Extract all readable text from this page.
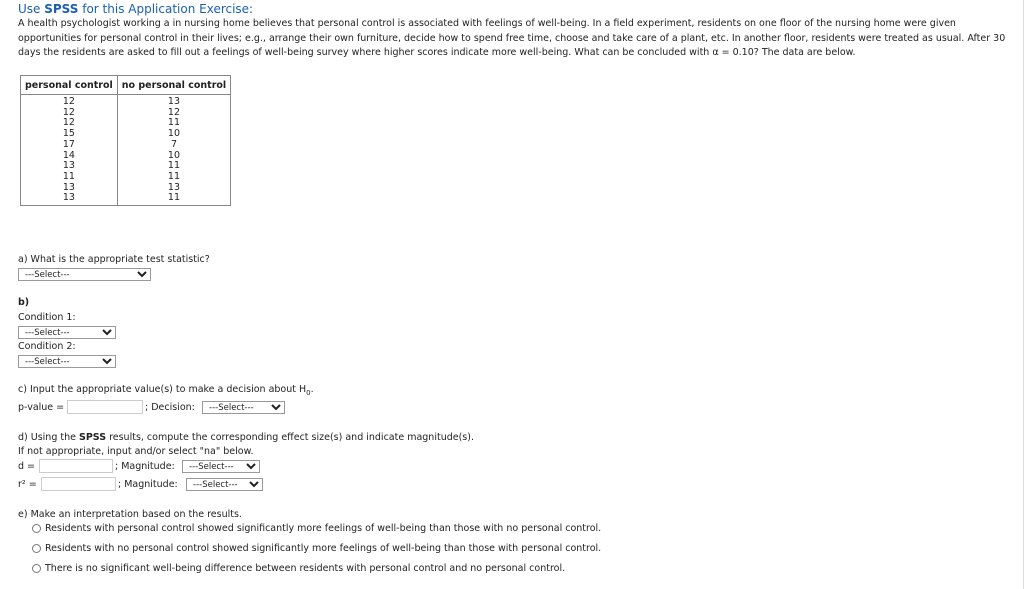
Use SPSS for this Application Exercise:
A health psychologist working a in nursing home believes that personal control is associated with feelings of well-being. In a field experiment, residents on one floor of the nursing home were given opportunities for personal control in their lives; e.g., arrange their own furniture, decide how to spend free time, choose and take care of a plant, etc. In another floor, residents were treated as usual. After 30 days the residents are asked to fill out a feelings of well-being survey where higher scores indicate more well-being. What can be concluded with α = 0.10? The data are below.
personal control	no personal control
12	13
12	12
12	11
15	10
17	7
14	10
13	11
11	11
13	13
13	11
a) What is the appropriate test statistic?
---Select---
b)
Condition 1:
---Select---
Condition 2:
---Select---
c) Input the appropriate value(s) to make a decision about $H_0$.
p-value =	; Decision:
---Select---
d) Using the SPSS results, compute the corresponding effect size(s) and indicate magnitude(s).
If not appropriate, input and/or select "na" below.
d =	; Magnitude:
---Select---
r² =	; Magnitude:
---Select---
e) Make an interpretation based on the results.
Residents with personal control showed significantly more feelings of well-being than those with no personal control.
Residents with no personal control showed significantly more feelings of well-being than those with personal control.
There is no significant well-being difference between residents with personal control and no personal control.
